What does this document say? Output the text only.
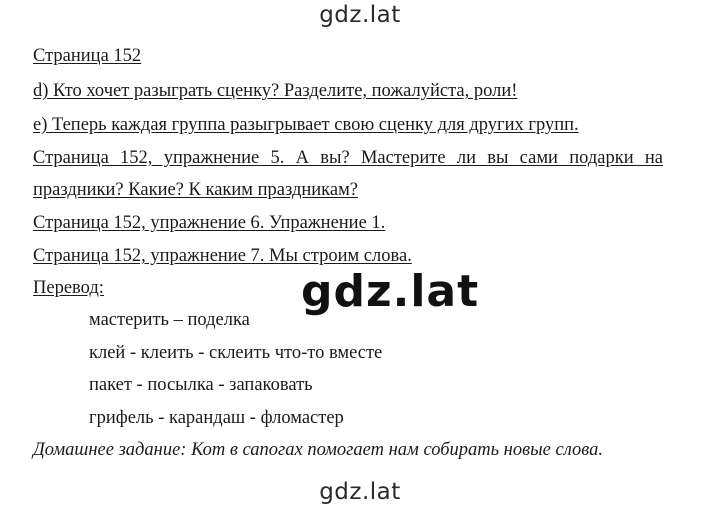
gdz.lat
Страница 152
d) Кто хочет разыграть сценку? Разделите, пожалуйста, роли!
e) Теперь каждая группа разыгрывает свою сценку для других групп.
Страница 152, упражнение 5. А вы? Мастерите ли вы сами подарки на
праздники? Какие? К каким праздникам?
Страница 152, упражнение 6. Упражнение 1.
Страница 152, упражнение 7. Мы строим слова.
Перевод:
мастерить – поделка
клей - клеить - склеить что-то вместе
пакет - посылка - запаковать
грифель - карандаш - фломастер
Домашнее задание: Кот в сапогах помогает нам собирать новые слова.
gdz.lat
gdz.lat
